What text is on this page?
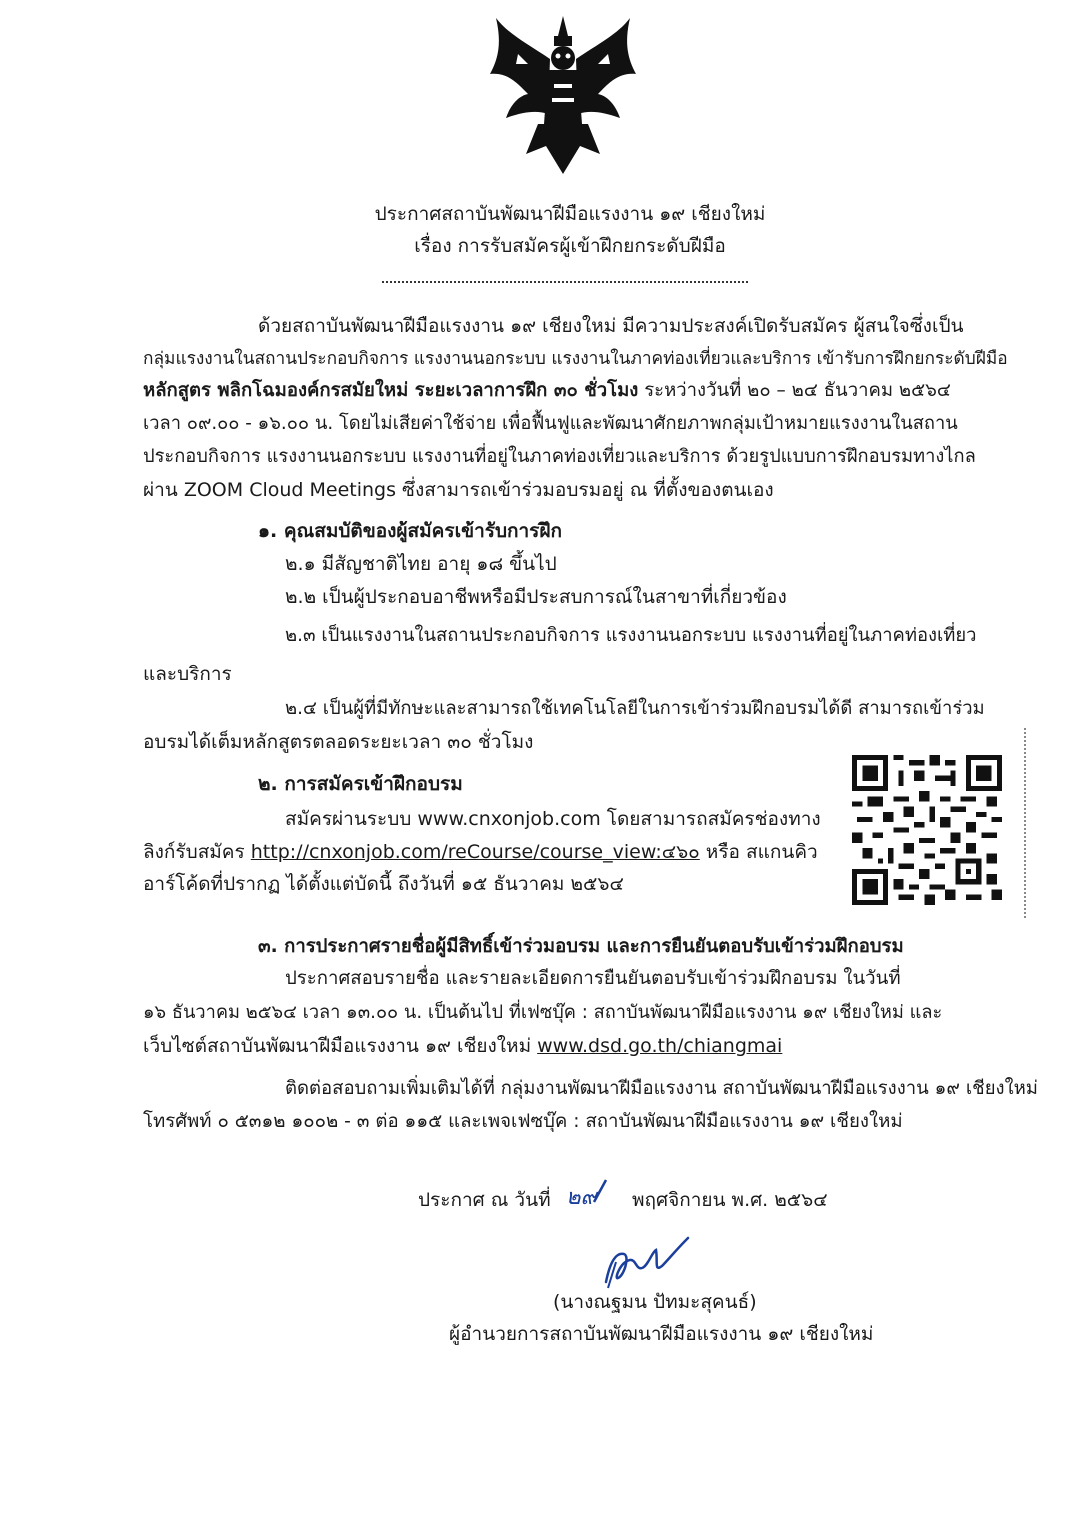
ประกาศสถาบันพัฒนาฝีมือแรงงาน ๑๙ เชียงใหม่
เรื่อง การรับสมัครผู้เข้าฝึกยกระดับฝีมือ
ด้วยสถาบันพัฒนาฝีมือแรงงาน ๑๙ เชียงใหม่ มีความประสงค์เปิดรับสมัคร ผู้สนใจซึ่งเป็น
กลุ่มแรงงานในสถานประกอบกิจการ แรงงานนอกระบบ แรงงานในภาคท่องเที่ยวและบริการ เข้ารับการฝึกยกระดับฝีมือ
หลักสูตร พลิกโฉมองค์กรสมัยใหม่ ระยะเวลาการฝึก ๓๐ ชั่วโมง ระหว่างวันที่ ๒๐ – ๒๔ ธันวาคม ๒๕๖๔
เวลา ๐๙.๐๐ - ๑๖.๐๐ น. โดยไม่เสียค่าใช้จ่าย เพื่อฟื้นฟูและพัฒนาศักยภาพกลุ่มเป้าหมายแรงงานในสถาน
ประกอบกิจการ แรงงานนอกระบบ แรงงานที่อยู่ในภาคท่องเที่ยวและบริการ ด้วยรูปแบบการฝึกอบรมทางไกล
ผ่าน ZOOM Cloud Meetings ซึ่งสามารถเข้าร่วมอบรมอยู่ ณ ที่ตั้งของตนเอง
๑. คุณสมบัติของผู้สมัครเข้ารับการฝึก
๒.๑ มีสัญชาติไทย อายุ ๑๘ ขึ้นไป
๒.๒ เป็นผู้ประกอบอาชีพหรือมีประสบการณ์ในสาขาที่เกี่ยวข้อง
๒.๓ เป็นแรงงานในสถานประกอบกิจการ แรงงานนอกระบบ แรงงานที่อยู่ในภาคท่องเที่ยว
และบริการ
๒.๔ เป็นผู้ที่มีทักษะและสามารถใช้เทคโนโลยีในการเข้าร่วมฝึกอบรมได้ดี สามารถเข้าร่วม
อบรมได้เต็มหลักสูตรตลอดระยะเวลา ๓๐ ชั่วโมง
๒. การสมัครเข้าฝึกอบรม
สมัครผ่านระบบ www.cnxonjob.com โดยสามารถสมัครช่องทาง
ลิงก์รับสมัคร http://cnxonjob.com/reCourse/course_view:๔๖๐ หรือ สแกนคิว
อาร์โค้ดที่ปรากฏ ได้ตั้งแต่บัดนี้ ถึงวันที่ ๑๕ ธันวาคม ๒๕๖๔
๓. การประกาศรายชื่อผู้มีสิทธิ์เข้าร่วมอบรม และการยืนยันตอบรับเข้าร่วมฝึกอบรม
ประกาศสอบรายชื่อ และรายละเอียดการยืนยันตอบรับเข้าร่วมฝึกอบรม ในวันที่
๑๖ ธันวาคม ๒๕๖๔ เวลา ๑๓.๐๐ น. เป็นต้นไป ที่เฟซบุ๊ค : สถาบันพัฒนาฝีมือแรงงาน ๑๙ เชียงใหม่ และ
เว็บไซต์สถาบันพัฒนาฝีมือแรงงาน ๑๙ เชียงใหม่ www.dsd.go.th/chiangmai
ติดต่อสอบถามเพิ่มเติมได้ที่ กลุ่มงานพัฒนาฝีมือแรงงาน สถาบันพัฒนาฝีมือแรงงาน ๑๙ เชียงใหม่
โทรศัพท์ ๐ ๕๓๑๒ ๑๐๐๒ - ๓ ต่อ ๑๑๕ และเพจเฟซบุ๊ค : สถาบันพัฒนาฝีมือแรงงาน ๑๙ เชียงใหม่
ประกาศ ณ วันที่ ๒๙ พฤศจิกายน พ.ศ. ๒๕๖๔
(นางณฐมน ปัทมะสุคนธ์)
ผู้อำนวยการสถาบันพัฒนาฝีมือแรงงาน ๑๙ เชียงใหม่
